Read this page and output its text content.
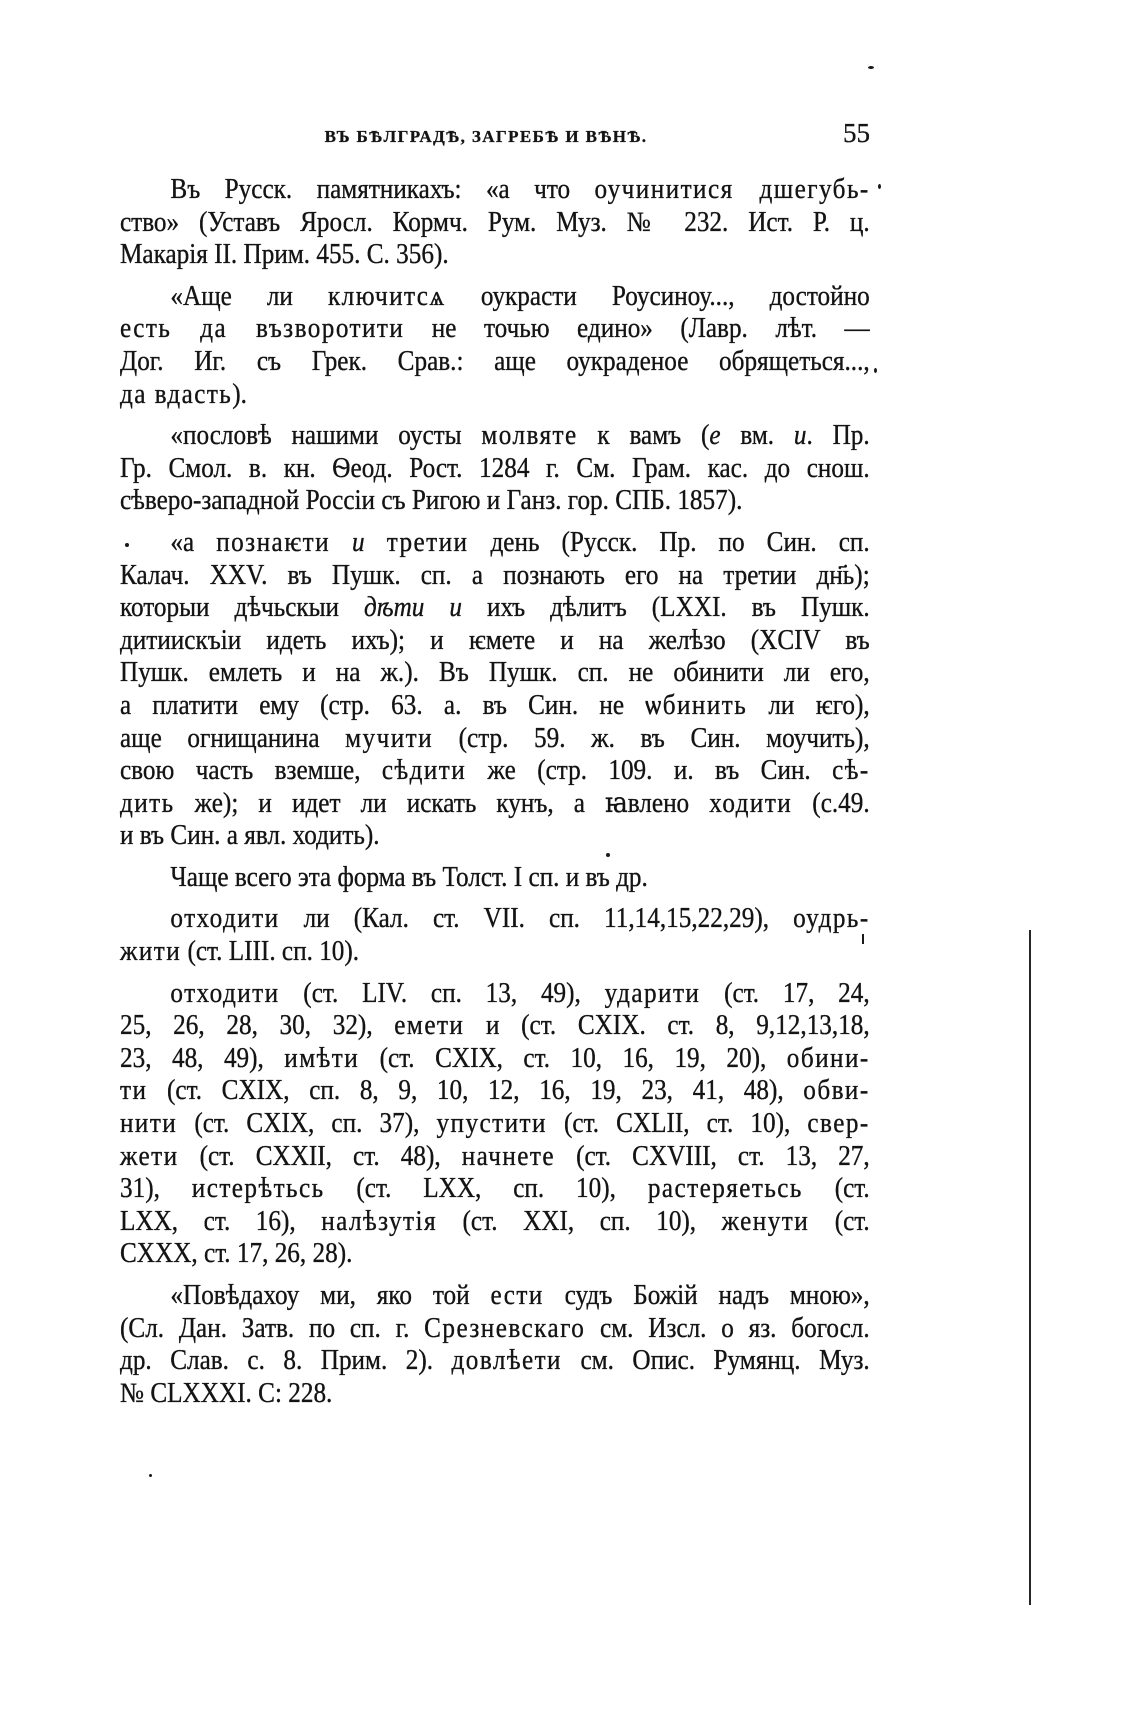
ВЪ БѢЛГРАДѢ, ЗАГРЕБѢ И ВѢНѢ.	55
Въ Русск. памятникахъ: «а что оучинитися дшегубь-
ство» (Уставъ Яросл. Кормч. Рум. Муз. № 232. Ист. Р. ц.
Макарія II. Прим. 455. С. 356).
«Аще ли ключитсѧ оукрасти Роусиноу..., достойно
есть да възворотити не точью едино» (Лавр. лѣт. —
Дог. Иг. съ Грек. Срав.: аще оукраденое обрящеться...,
да вдасть).
«пословѣ нашими оусты молвяте к вамъ (е вм. и. Пр.
Гр. Смол. в. кн. Ѳеод. Рост. 1284 г. См. Грам. кас. до снош.
сѣверо-западной Россіи съ Ригою и Ганз. гор. СПБ. 1857).
«а познаѥти и третии день (Русск. Пр. по Син. сп.
Калач. XXV. въ Пушк. сп. а познають его на третии дн҃ь);
которыи дѣчьскыи дѣти и ихъ дѣлитъ (LXXI. въ Пушк.
дитиискъіи идеть ихъ); и ѥмете и на желѣзо (XCIV въ
Пушк. емлеть и на ж.). Въ Пушк. сп. не обинити ли его,
а платити ему (стр. 63. а. въ Син. не ѡбинить ли ѥго),
аще огнищанина мучити (стр. 59. ж. въ Син. моучить),
свою часть вземше, сѣдити же (стр. 109. и. въ Син. сѣ-
дить же); и идет ли искать кунъ, а ꙗвлено ходити (с.49.
и въ Син. а явл. ходить).
Чаще всего эта форма въ Толст. I сп. и въ др.
отходити ли (Кал. ст. VII. сп. 11,14,15,22,29), оудрь-
жити (ст. LIII. сп. 10).
отходити (ст. LIV. сп. 13, 49), ударити (ст. 17, 24,
25, 26, 28, 30, 32), емети и (ст. CXIX. ст. 8, 9,12,13,18,
23, 48, 49), имѣти (ст. CXIX, ст. 10, 16, 19, 20), обини-
ти (ст. CXIX, сп. 8, 9, 10, 12, 16, 19, 23, 41, 48), обви-
нити (ст. CXIX, сп. 37), упустити (ст. CXLII, ст. 10), свер-
жети (ст. CXXII, ст. 48), начнете (ст. CXVIII, ст. 13, 27,
31), истерѣтьсь (ст. LXX, сп. 10), растеряетьсь (ст.
LXX, ст. 16), налѣзутія (ст. XXI, сп. 10), женути (ст.
CXXX, ст. 17, 26, 28).
«Повѣдахоу ми, яко той ести судъ Божій надъ мною»,
(Сл. Дан. Затв. по сп. г. Срезневскаго см. Изсл. о яз. богосл.
др. Слав. с. 8. Прим. 2). довлѣети см. Опис. Румянц. Муз.
№ CLXXXI. С: 228.
